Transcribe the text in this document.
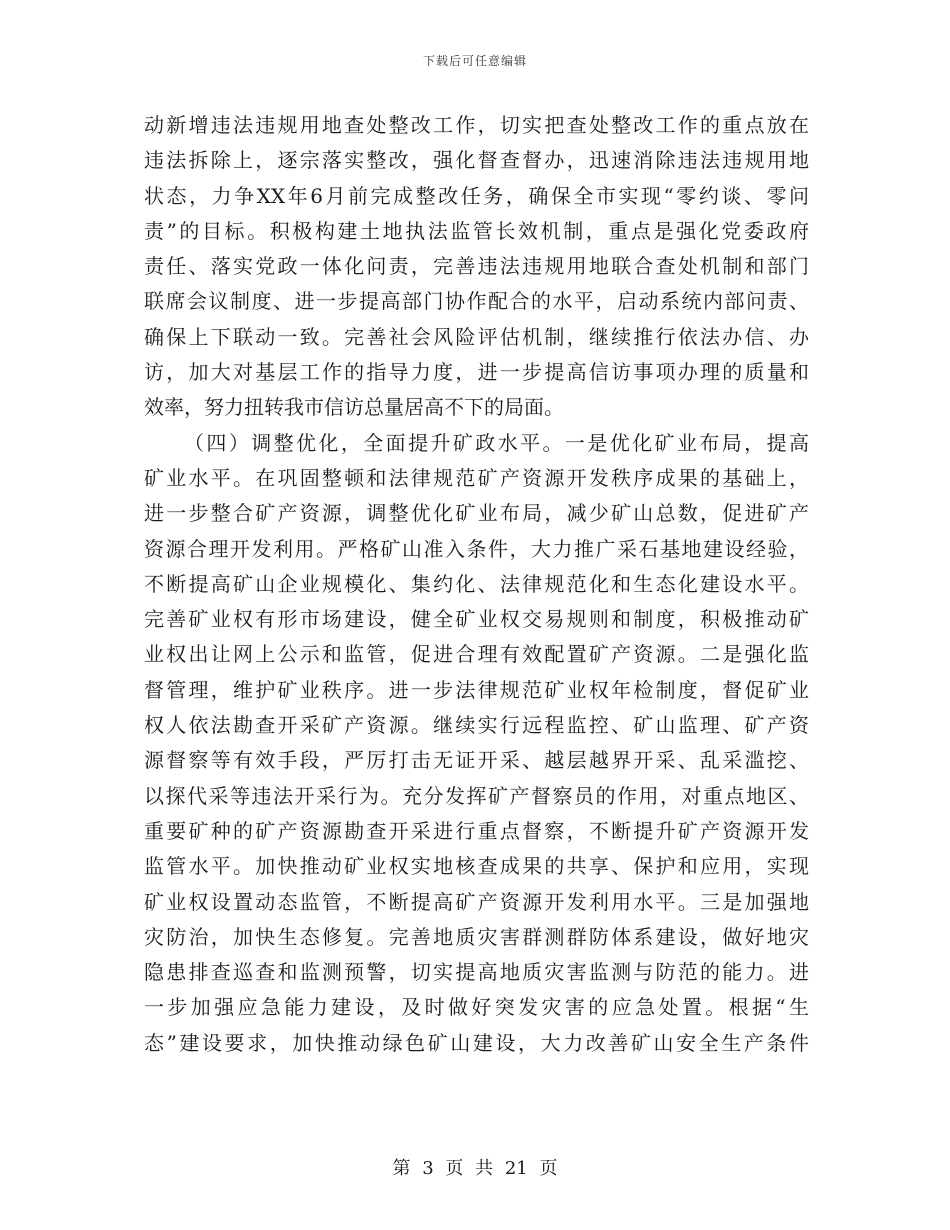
下载后可任意编辑
动新增违法违规用地查处整改工作，切实把查处整改工作的重点放在
违法拆除上，逐宗落实整改，强化督查督办，迅速消除违法违规用地
状态，力争XX年6月前完成整改任务，确保全市实现“零约谈、零问
责”的目标。积极构建土地执法监管长效机制，重点是强化党委政府
责任、落实党政一体化问责，完善违法违规用地联合查处机制和部门
联席会议制度、进一步提高部门协作配合的水平，启动系统内部问责、
确保上下联动一致。完善社会风险评估机制，继续推行依法办信、办
访，加大对基层工作的指导力度，进一步提高信访事项办理的质量和
效率，努力扭转我市信访总量居高不下的局面。
（四）调整优化，全面提升矿政水平。一是优化矿业布局，提高
矿业水平。在巩固整顿和法律规范矿产资源开发秩序成果的基础上，
进一步整合矿产资源，调整优化矿业布局，减少矿山总数，促进矿产
资源合理开发利用。严格矿山准入条件，大力推广采石基地建设经验，
不断提高矿山企业规模化、集约化、法律规范化和生态化建设水平。
完善矿业权有形市场建设，健全矿业权交易规则和制度，积极推动矿
业权出让网上公示和监管，促进合理有效配置矿产资源。二是强化监
督管理，维护矿业秩序。进一步法律规范矿业权年检制度，督促矿业
权人依法勘查开采矿产资源。继续实行远程监控、矿山监理、矿产资
源督察等有效手段，严厉打击无证开采、越层越界开采、乱采滥挖、
以探代采等违法开采行为。充分发挥矿产督察员的作用，对重点地区、
重要矿种的矿产资源勘查开采进行重点督察，不断提升矿产资源开发
监管水平。加快推动矿业权实地核查成果的共享、保护和应用，实现
矿业权设置动态监管，不断提高矿产资源开发利用水平。三是加强地
灾防治，加快生态修复。完善地质灾害群测群防体系建设，做好地灾
隐患排查巡查和监测预警，切实提高地质灾害监测与防范的能力。进
一步加强应急能力建设，及时做好突发灾害的应急处置。根据“生
态”建设要求，加快推动绿色矿山建设，大力改善矿山安全生产条件
第 3 页 共 21 页
